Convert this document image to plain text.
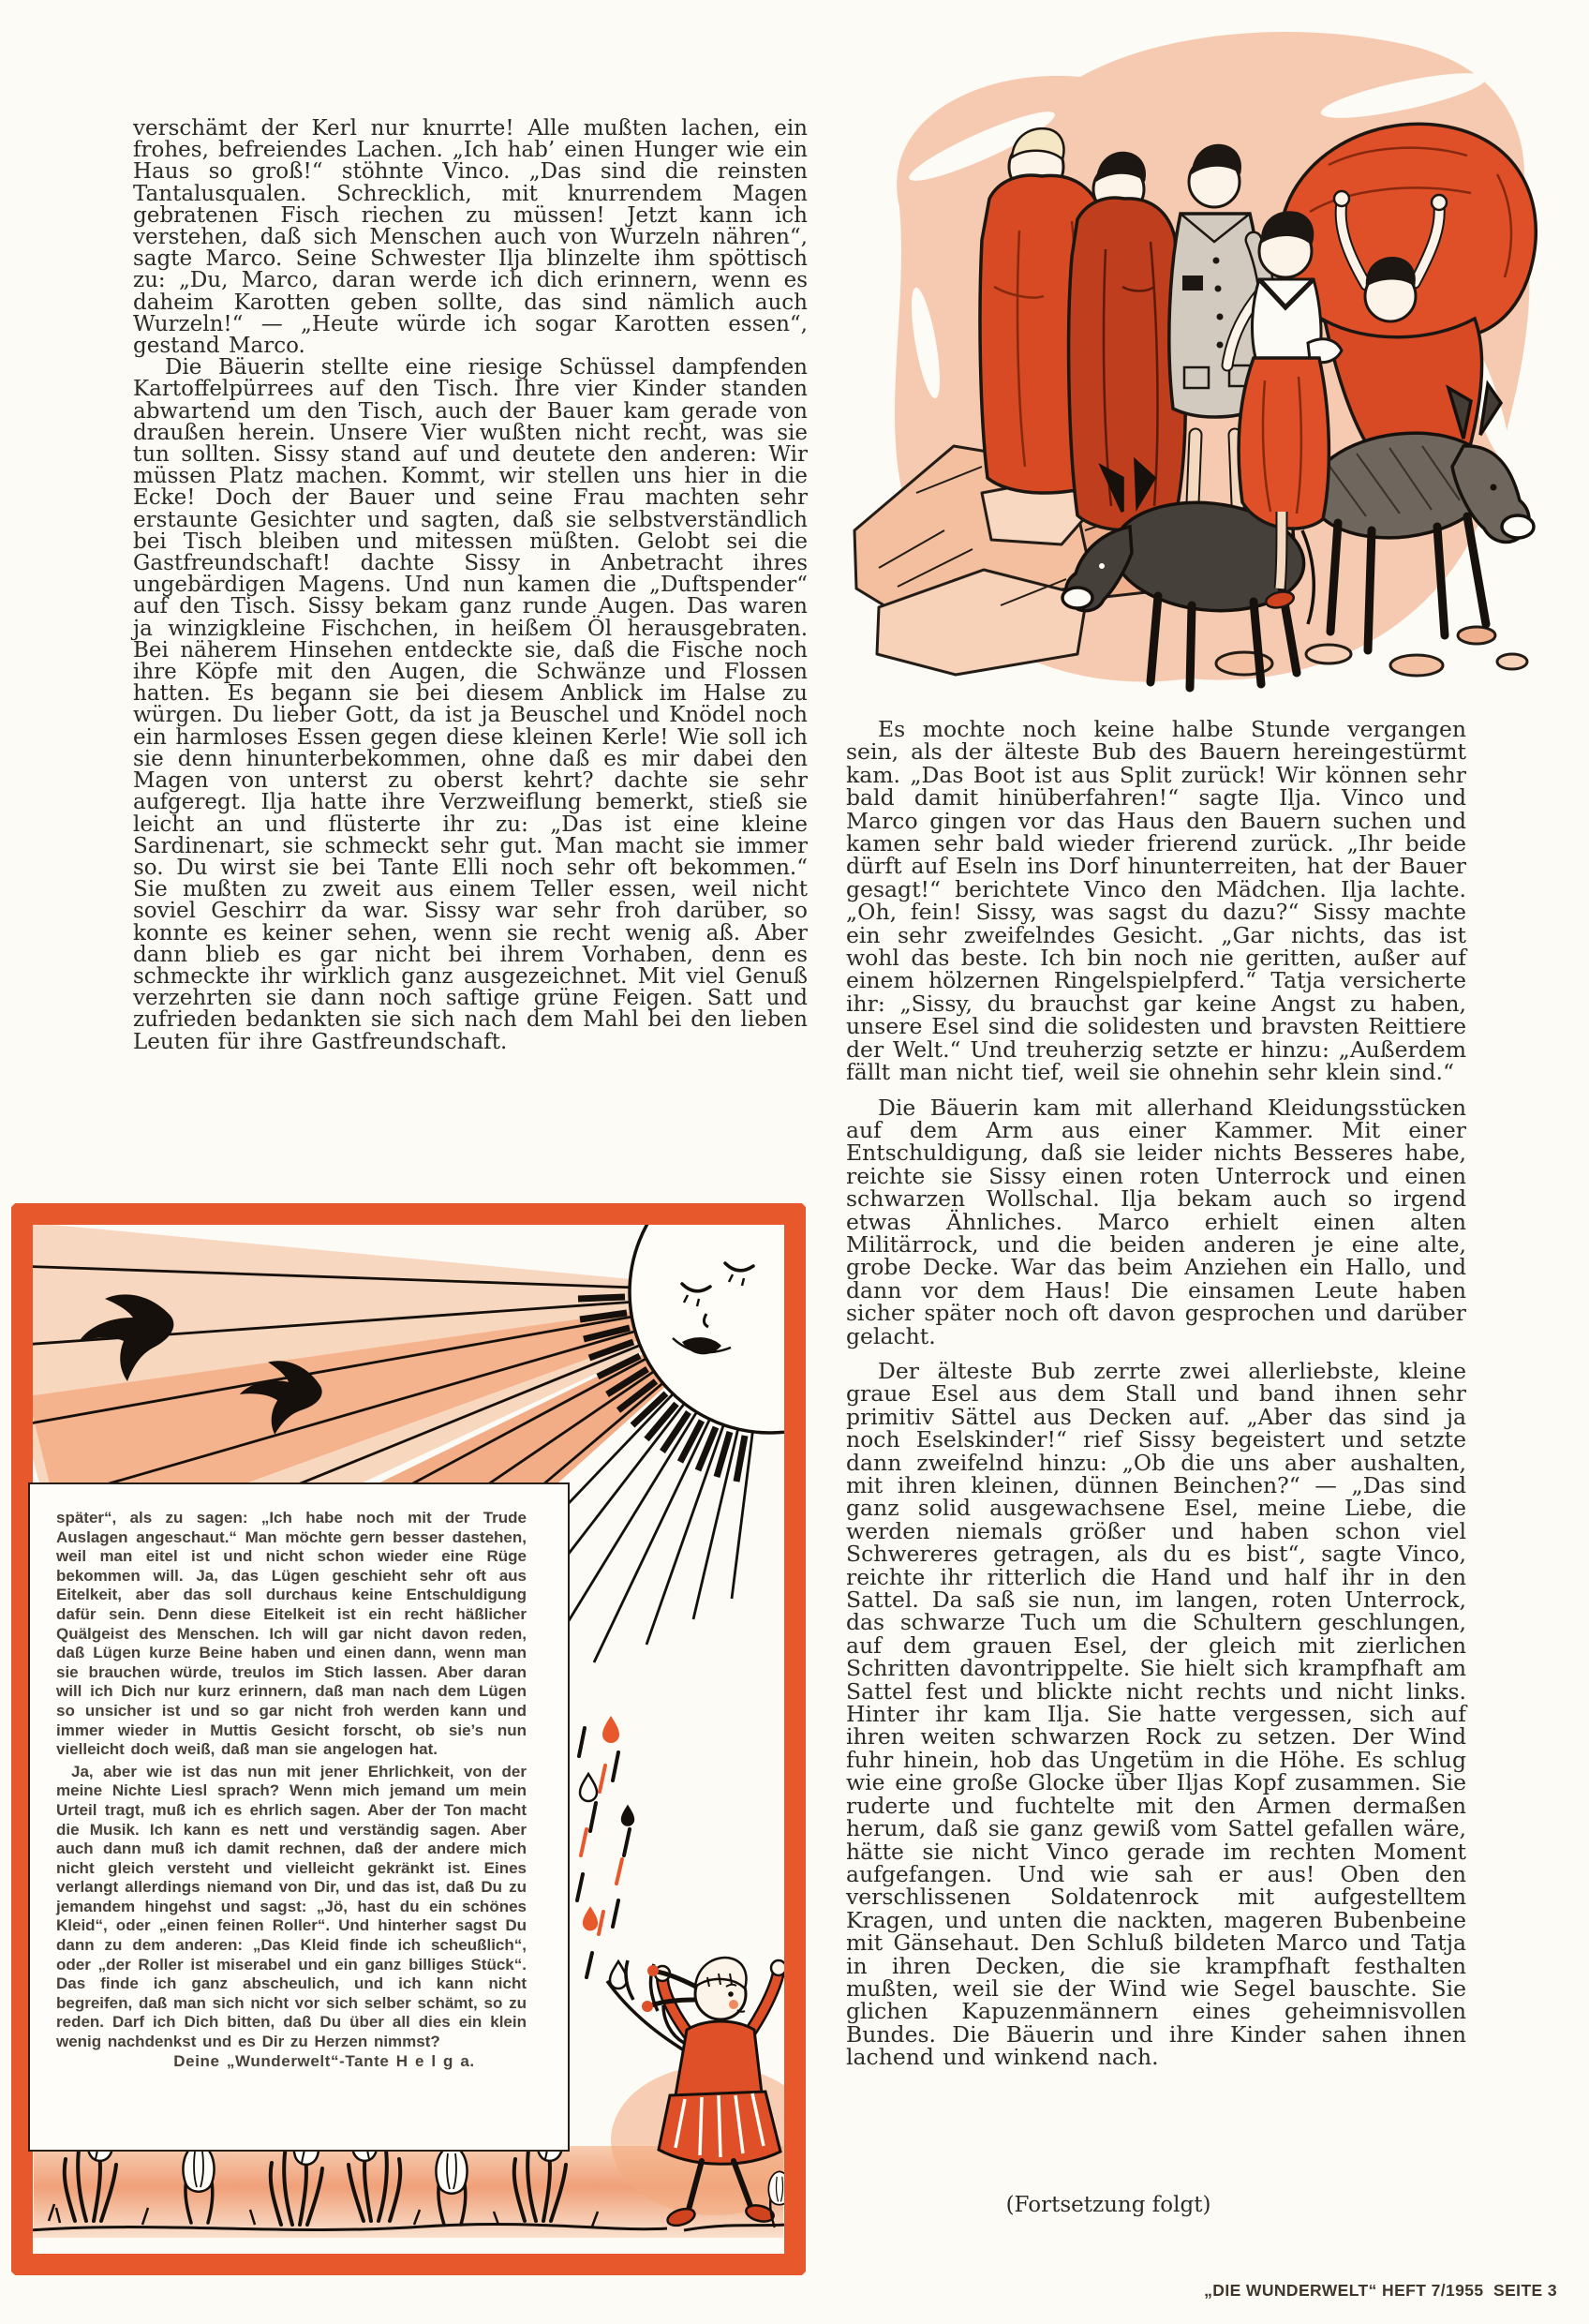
verschämt der Kerl nur knurrte! Alle mußten lachen, ein frohes, befreiendes Lachen. „Ich hab’ einen Hunger wie ein Haus so groß!“ stöhnte Vinco. „Das sind die reinsten Tantalusqualen. Schrecklich, mit knurrendem Magen gebratenen Fisch riechen zu müssen! Jetzt kann ich verstehen, daß sich Menschen auch von Wurzeln nähren“, sagte Marco. Seine Schwester Ilja blinzelte ihm spöttisch zu: „Du, Marco, daran werde ich dich erinnern, wenn es daheim Karotten geben sollte, das sind nämlich auch Wurzeln!“ — „Heute würde ich sogar Karotten essen“, gestand Marco.

Die Bäuerin stellte eine riesige Schüssel dampfenden Kartoffelpürrees auf den Tisch. Ihre vier Kinder standen abwartend um den Tisch, auch der Bauer kam gerade von draußen herein. Unsere Vier wußten nicht recht, was sie tun sollten. Sissy stand auf und deutete den anderen: Wir müssen Platz machen. Kommt, wir stellen uns hier in die Ecke! Doch der Bauer und seine Frau machten sehr erstaunte Gesichter und sagten, daß sie selbstverständlich bei Tisch bleiben und mitessen müßten. Gelobt sei die Gastfreundschaft! dachte Sissy in Anbetracht ihres ungebärdigen Magens. Und nun kamen die „Duftspender“ auf den Tisch. Sissy bekam ganz runde Augen. Das waren ja winzigkleine Fischchen, in heißem Öl herausgebraten. Bei näherem Hinsehen entdeckte sie, daß die Fische noch ihre Köpfe mit den Augen, die Schwänze und Flossen hatten. Es begann sie bei diesem Anblick im Halse zu würgen. Du lieber Gott, da ist ja Beuschel und Knödel noch ein harmloses Essen gegen diese kleinen Kerle! Wie soll ich sie denn hinunterbekommen, ohne daß es mir dabei den Magen von unterst zu oberst kehrt? dachte sie sehr aufgeregt. Ilja hatte ihre Verzweiflung bemerkt, stieß sie leicht an und flüsterte ihr zu: „Das ist eine kleine Sardinenart, sie schmeckt sehr gut. Man macht sie immer so. Du wirst sie bei Tante Elli noch sehr oft bekommen.“ Sie mußten zu zweit aus einem Teller essen, weil nicht soviel Geschirr da war. Sissy war sehr froh darüber, so konnte es keiner sehen, wenn sie recht wenig aß. Aber dann blieb es gar nicht bei ihrem Vorhaben, denn es schmeckte ihr wirklich ganz ausgezeichnet. Mit viel Genuß verzehrten sie dann noch saftige grüne Feigen. Satt und zufrieden bedankten sie sich nach dem Mahl bei den lieben Leuten für ihre Gastfreundschaft.

Es mochte noch keine halbe Stunde vergangen sein, als der älteste Bub des Bauern hereingestürmt kam. „Das Boot ist aus Split zurück! Wir können sehr bald damit hinüberfahren!“ sagte Ilja. Vinco und Marco gingen vor das Haus den Bauern suchen und kamen sehr bald wieder frierend zurück. „Ihr beide dürft auf Eseln ins Dorf hinunterreiten, hat der Bauer gesagt!“ berichtete Vinco den Mädchen. Ilja lachte. „Oh, fein! Sissy, was sagst du dazu?“ Sissy machte ein sehr zweifelndes Gesicht. „Gar nichts, das ist wohl das beste. Ich bin noch nie geritten, außer auf einem hölzernen Ringelspielpferd.“ Tatja versicherte ihr: „Sissy, du brauchst gar keine Angst zu haben, unsere Esel sind die solidesten und bravsten Reittiere der Welt.“ Und treuherzig setzte er hinzu: „Außerdem fällt man nicht tief, weil sie ohnehin sehr klein sind.“

Die Bäuerin kam mit allerhand Kleidungsstücken auf dem Arm aus einer Kammer. Mit einer Entschuldigung, daß sie leider nichts Besseres habe, reichte sie Sissy einen roten Unterrock und einen schwarzen Wollschal. Ilja bekam auch so irgend etwas Ähnliches. Marco erhielt einen alten Militärrock, und die beiden anderen je eine alte, grobe Decke. War das beim Anziehen ein Hallo, und dann vor dem Haus! Die einsamen Leute haben sicher später noch oft davon gesprochen und darüber gelacht.

Der älteste Bub zerrte zwei allerliebste, kleine graue Esel aus dem Stall und band ihnen sehr primitiv Sättel aus Decken auf. „Aber das sind ja noch Eselskinder!“ rief Sissy begeistert und setzte dann zweifelnd hinzu: „Ob die uns aber aushalten, mit ihren kleinen, dünnen Beinchen?“ — „Das sind ganz solid ausgewachsene Esel, meine Liebe, die werden niemals größer und haben schon viel Schwereres getragen, als du es bist“, sagte Vinco, reichte ihr ritterlich die Hand und half ihr in den Sattel. Da saß sie nun, im langen, roten Unterrock, das schwarze Tuch um die Schultern geschlungen, auf dem grauen Esel, der gleich mit zierlichen Schritten davontrippelte. Sie hielt sich krampfhaft am Sattel fest und blickte nicht rechts und nicht links. Hinter ihr kam Ilja. Sie hatte vergessen, sich auf ihren weiten schwarzen Rock zu setzen. Der Wind fuhr hinein, hob das Ungetüm in die Höhe. Es schlug wie eine große Glocke über Iljas Kopf zusammen. Sie ruderte und fuchtelte mit den Armen dermaßen herum, daß sie ganz gewiß vom Sattel gefallen wäre, hätte sie nicht Vinco gerade im rechten Moment aufgefangen. Und wie sah er aus! Oben den verschlissenen Soldatenrock mit aufgestelltem Kragen, und unten die nackten, mageren Bubenbeine mit Gänsehaut. Den Schluß bildeten Marco und Tatja in ihren Decken, die sie krampfhaft festhalten mußten, weil sie der Wind wie Segel bauschte. Sie glichen Kapuzenmännern eines geheimnisvollen Bundes. Die Bäuerin und ihre Kinder sahen ihnen lachend und winkend nach.

(Fortsetzung folgt)

später“, als zu sagen: „Ich habe noch mit der Trude Auslagen angeschaut.“ Man möchte gern besser dastehen, weil man eitel ist und nicht schon wieder eine Rüge bekommen will. Ja, das Lügen geschieht sehr oft aus Eitelkeit, aber das soll durchaus keine Entschuldigung dafür sein. Denn diese Eitelkeit ist ein recht häßlicher Quälgeist des Menschen. Ich will gar nicht davon reden, daß Lügen kurze Beine haben und einen dann, wenn man sie brauchen würde, treulos im Stich lassen. Aber daran will ich Dich nur kurz erinnern, daß man nach dem Lügen so unsicher ist und so gar nicht froh werden kann und immer wieder in Muttis Gesicht forscht, ob sie’s nun vielleicht doch weiß, daß man sie angelogen hat.

Ja, aber wie ist das nun mit jener Ehrlichkeit, von der meine Nichte Liesl sprach? Wenn mich jemand um mein Urteil tragt, muß ich es ehrlich sagen. Aber der Ton macht die Musik. Ich kann es nett und verständig sagen. Aber auch dann muß ich damit rechnen, daß der andere mich nicht gleich versteht und vielleicht gekränkt ist. Eines verlangt allerdings niemand von Dir, und das ist, daß Du zu jemandem hingehst und sagst: „Jö, hast du ein schönes Kleid“, oder „einen feinen Roller“. Und hinterher sagst Du dann zu dem anderen: „Das Kleid finde ich scheußlich“, oder „der Roller ist miserabel und ein ganz billiges Stück“. Das finde ich ganz abscheulich, und ich kann nicht begreifen, daß man sich nicht vor sich selber schämt, so zu reden. Darf ich Dich bitten, daß Du über all dies ein klein wenig nachdenkst und es Dir zu Herzen nimmst?

Deine „Wunderwelt“-Tante H e l g a.

„DIE WUNDERWELT“ HEFT 7/1955  SEITE 3
